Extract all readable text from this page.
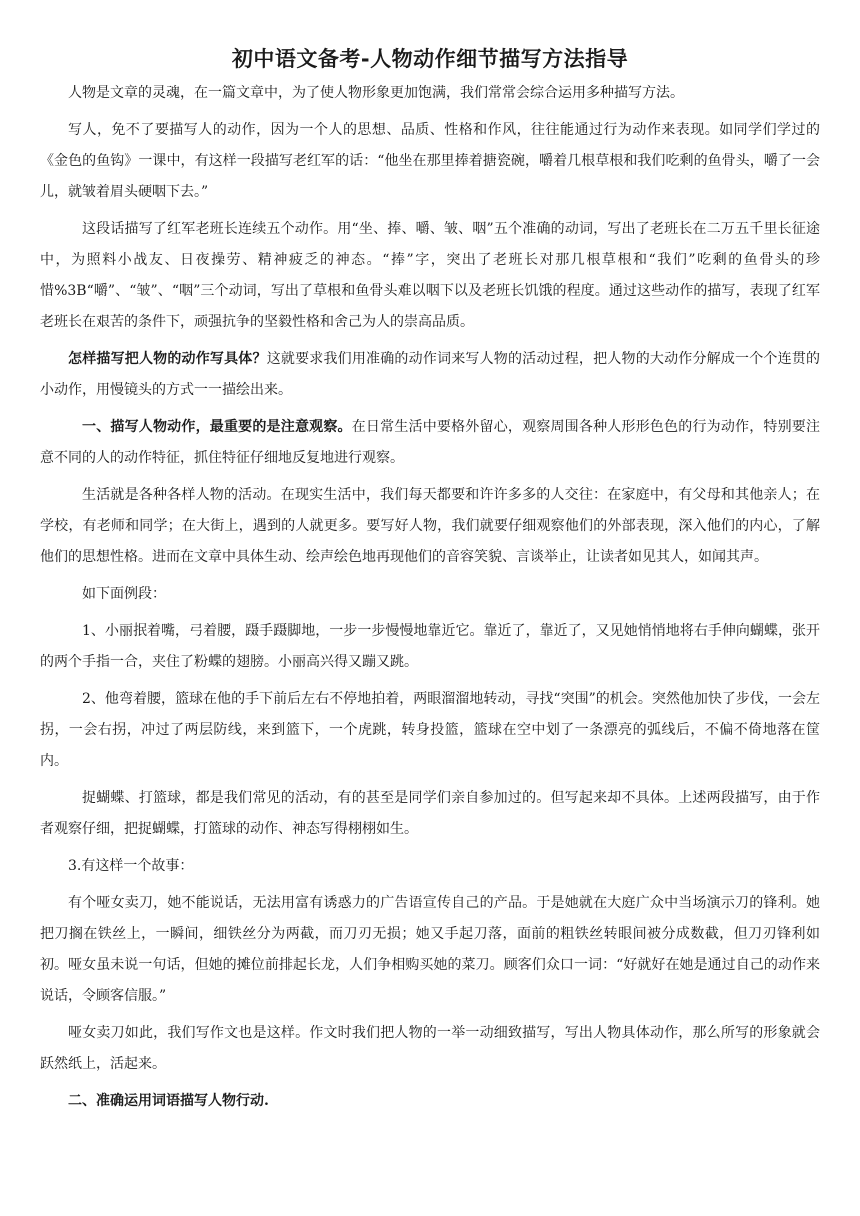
初中语文备考-人物动作细节描写方法指导

人物是文章的灵魂，在一篇文章中，为了使人物形象更加饱满，我们常常会综合运用多种描写方法。

写人，免不了要描写人的动作，因为一个人的思想、品质、性格和作风，往往能通过行为动作来表现。如同学们学过的《金色的鱼钩》一课中，有这样一段描写老红军的话：“他坐在那里捧着搪瓷碗，嚼着几根草根和我们吃剩的鱼骨头，嚼了一会儿，就皱着眉头硬咽下去。”

这段话描写了红军老班长连续五个动作。用“坐、捧、嚼、皱、咽”五个准确的动词，写出了老班长在二万五千里长征途中，为照料小战友、日夜操劳、精神疲乏的神态。“捧”字，突出了老班长对那几根草根和“我们”吃剩的鱼骨头的珍惜%3B“嚼”、“皱”、“咽”三个动词，写出了草根和鱼骨头难以咽下以及老班长饥饿的程度。通过这些动作的描写，表现了红军老班长在艰苦的条件下，顽强抗争的坚毅性格和舍己为人的崇高品质。

怎样描写把人物的动作写具体？这就要求我们用准确的动作词来写人物的活动过程，把人物的大动作分解成一个个连贯的小动作，用慢镜头的方式一一描绘出来。

一、描写人物动作，最重要的是注意观察。在日常生活中要格外留心，观察周围各种人形形色色的行为动作，特别要注意不同的人的动作特征，抓住特征仔细地反复地进行观察。

生活就是各种各样人物的活动。在现实生活中，我们每天都要和许许多多的人交往：在家庭中，有父母和其他亲人；在学校，有老师和同学；在大街上，遇到的人就更多。要写好人物，我们就要仔细观察他们的外部表现，深入他们的内心，了解他们的思想性格。进而在文章中具体生动、绘声绘色地再现他们的音容笑貌、言谈举止，让读者如见其人，如闻其声。

如下面例段：

1、小丽抿着嘴，弓着腰，蹑手蹑脚地，一步一步慢慢地靠近它。靠近了，靠近了，又见她悄悄地将右手伸向蝴蝶，张开的两个手指一合，夹住了粉蝶的翅膀。小丽高兴得又蹦又跳。

2、他弯着腰，篮球在他的手下前后左右不停地拍着，两眼溜溜地转动，寻找“突围”的机会。突然他加快了步伐，一会左拐，一会右拐，冲过了两层防线，来到篮下，一个虎跳，转身投篮，篮球在空中划了一条漂亮的弧线后，不偏不倚地落在筐内。

捉蝴蝶、打篮球，都是我们常见的活动，有的甚至是同学们亲自参加过的。但写起来却不具体。上述两段描写，由于作者观察仔细，把捉蝴蝶，打篮球的动作、神态写得栩栩如生。

3.有这样一个故事：

有个哑女卖刀，她不能说话，无法用富有诱惑力的广告语宣传自己的产品。于是她就在大庭广众中当场演示刀的锋利。她把刀搁在铁丝上，一瞬间，细铁丝分为两截，而刀刃无损；她又手起刀落，面前的粗铁丝转眼间被分成数截，但刀刃锋利如初。哑女虽未说一句话，但她的摊位前排起长龙，人们争相购买她的菜刀。顾客们众口一词：“好就好在她是通过自己的动作来说话，令顾客信服。”

哑女卖刀如此，我们写作文也是这样。作文时我们把人物的一举一动细致描写，写出人物具体动作，那么所写的形象就会跃然纸上，活起来。

二、准确运用词语描写人物行动.
